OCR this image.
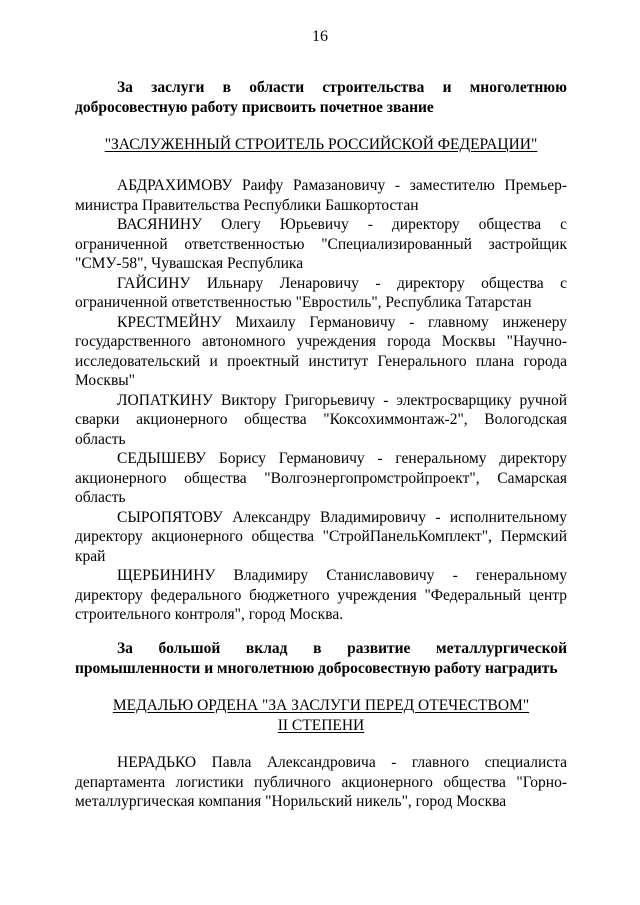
16

За заслуги в области строительства и многолетнюю

добросовестную работу присвоить почетное звание

"ЗАСЛУЖЕННЫЙ СТРОИТЕЛЬ РОССИЙСКОЙ ФЕДЕРАЦИИ"

АБДРАХИМОВУ Раифу Рамазановичу - заместителю Премьер-министра Правительства Республики Башкортостан

ВАСЯНИНУ Олегу Юрьевичу - директору общества с ограниченной ответственностью "Специализированный застройщик "СМУ-58", Чувашская Республика

ГАЙСИНУ Ильнару Ленаровичу - директору общества с ограниченной ответственностью "Евростиль", Республика Татарстан

КРЕСТМЕЙНУ Михаилу Германовичу - главному инженеру государственного автономного учреждения города Москвы "Научно-исследовательский и проектный институт Генерального плана города Москвы"

ЛОПАТКИНУ Виктору Григорьевичу - электросварщику ручной сварки акционерного общества "Коксохиммонтаж-2", Вологодская область

СЕДЫШЕВУ Борису Германовичу - генеральному директору акционерного общества "Волгоэнергопромстройпроект", Самарская область

СЫРОПЯТОВУ Александру Владимировичу - исполнительному директору акционерного общества "СтройПанельКомплект", Пермский край

ЩЕРБИНИНУ Владимиру Станиславовичу - генеральному директору федерального бюджетного учреждения "Федеральный центр строительного контроля", город Москва.

За большой вклад в развитие металлургической

промышленности и многолетнюю добросовестную работу наградить

МЕДАЛЬЮ ОРДЕНА "ЗА ЗАСЛУГИ ПЕРЕД ОТЕЧЕСТВОМ"

II СТЕПЕНИ

НЕРАДЬКО Павла Александровича - главного специалиста департамента логистики публичного акционерного общества "Горно-металлургическая компания "Норильский никель", город Москва
